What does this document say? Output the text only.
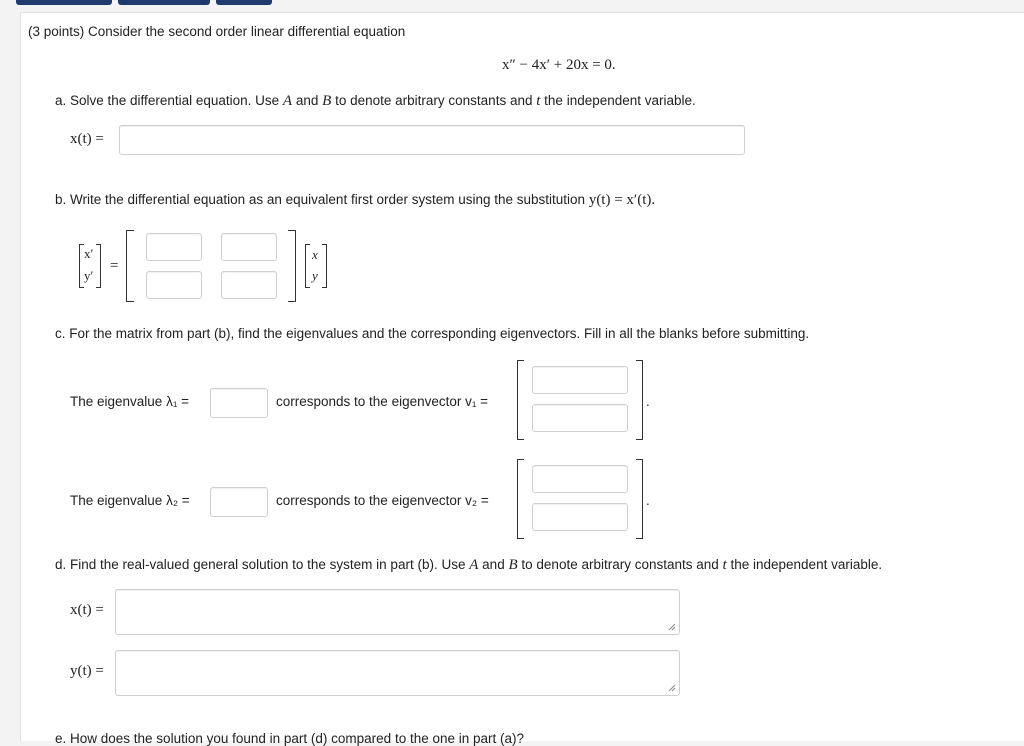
(3 points) Consider the second order linear differential equation
x″ − 4x′ + 20x = 0.
a. Solve the differential equation. Use A and B to denote arbitrary constants and t the independent variable.
x(t) =
b. Write the differential equation as an equivalent first order system using the substitution y(t) = x′(t).
x′
y′
=
x
y
c. For the matrix from part (b), find the eigenvalues and the corresponding eigenvectors. Fill in all the blanks before submitting.
The eigenvalue λ₁ =	corresponds to the eigenvector v₁ =	.
The eigenvalue λ₂ =	corresponds to the eigenvector v₂ =	.
d. Find the real-valued general solution to the system in part (b). Use A and B to denote arbitrary constants and t the independent variable.
x(t) =
y(t) =
e. How does the solution you found in part (d) compared to the one in part (a)?
